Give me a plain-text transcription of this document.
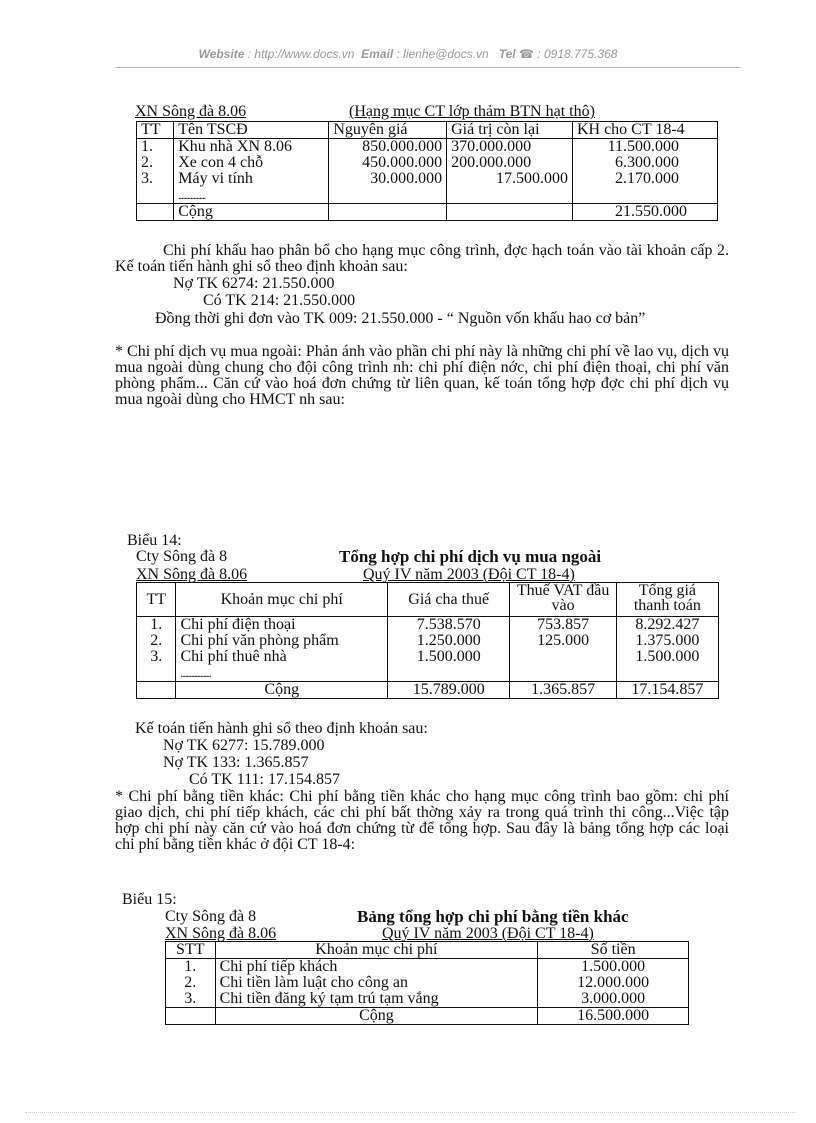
Website : http://www.docs.vn Email : lienhe@docs.vn Tel ☎ : 0918.775.368
XN Sông đà 8.06	(Hạng mục CT lớp thảm BTN hạt thô)
TT	Tên TSCĐ	Nguyên giá	Giá trị còn lại	KH cho CT 18-4
1.	Khu nhà XN 8.06	850.000.000	370.000.000	11.500.000
2.	Xe con 4 chỗ	450.000.000	200.000.000	6.300.000
3.	Máy vi tính	30.000.000	17.500.000	2.170.000
	..................			
	Cộng			21.550.000
Chi phí khấu hao phân bổ cho hạng mục công trình, đợc hạch toán vào tài khoản cấp 2. Kế toán tiến hành ghi sổ theo định khoản sau:
Nợ TK 6274: 21.550.000
Có TK 214: 21.550.000
Đồng thời ghi đơn vào TK 009: 21.550.000 - “ Nguồn vốn khấu hao cơ bản”
* Chi phí dịch vụ mua ngoài: Phản ánh vào phần chi phí này là những chi phí về lao vụ, dịch vụ mua ngoài dùng chung cho đội công trình nh: chi phí điện nớc, chi phí điện thoại, chi phí văn phòng phẩm... Căn cứ vào hoá đơn chứng từ liên quan, kế toán tổng hợp đợc chi phí dịch vụ mua ngoài dùng cho HMCT nh sau:
Biểu 14:
Cty Sông đà 8	Tổng hợp chi phí dịch vụ mua ngoài
XN Sông đà 8.06	Quý IV năm 2003 (Đội CT 18-4)
TT	Khoản mục chi phí	Giá cha thuế	Thuế VAT đầu vào	Tổng giá thanh toán
1.	Chi phí điện thoại	7.538.570	753.857	8.292.427
2.	Chi phí văn phòng phẩm	1.250.000	125.000	1.375.000
3.	Chi phí thuê nhà	1.500.000		1.500.000
	....................			
	Cộng	15.789.000	1.365.857	17.154.857
Kế toán tiến hành ghi sổ theo định khoản sau:
Nợ TK 6277: 15.789.000
Nợ TK 133: 1.365.857
Có TK 111: 17.154.857
* Chi phí bằng tiền khác: Chi phí bằng tiền khác cho hạng mục công trình bao gồm: chi phí giao dịch, chi phí tiếp khách, các chi phí bất thờng xảy ra trong quá trình thi công...Việc tập hợp chi phí này căn cứ vào hoá đơn chứng từ để tổng hợp. Sau đây là bảng tổng hợp các loại chi phí bằng tiền khác ở đội CT 18-4:
Biểu 15:
Cty Sông đà 8	Bảng tổng hợp chi phí bằng tiền khác
XN Sông đà 8.06	Quý IV năm 2003 (Đội CT 18-4)
STT	Khoản mục chi phí	Số tiền
1.	Chi phí tiếp khách	1.500.000
2.	Chi tiền làm luật cho công an	12.000.000
3.	Chi tiền đăng ký tạm trú tạm vắng	3.000.000
	Cộng	16.500.000
